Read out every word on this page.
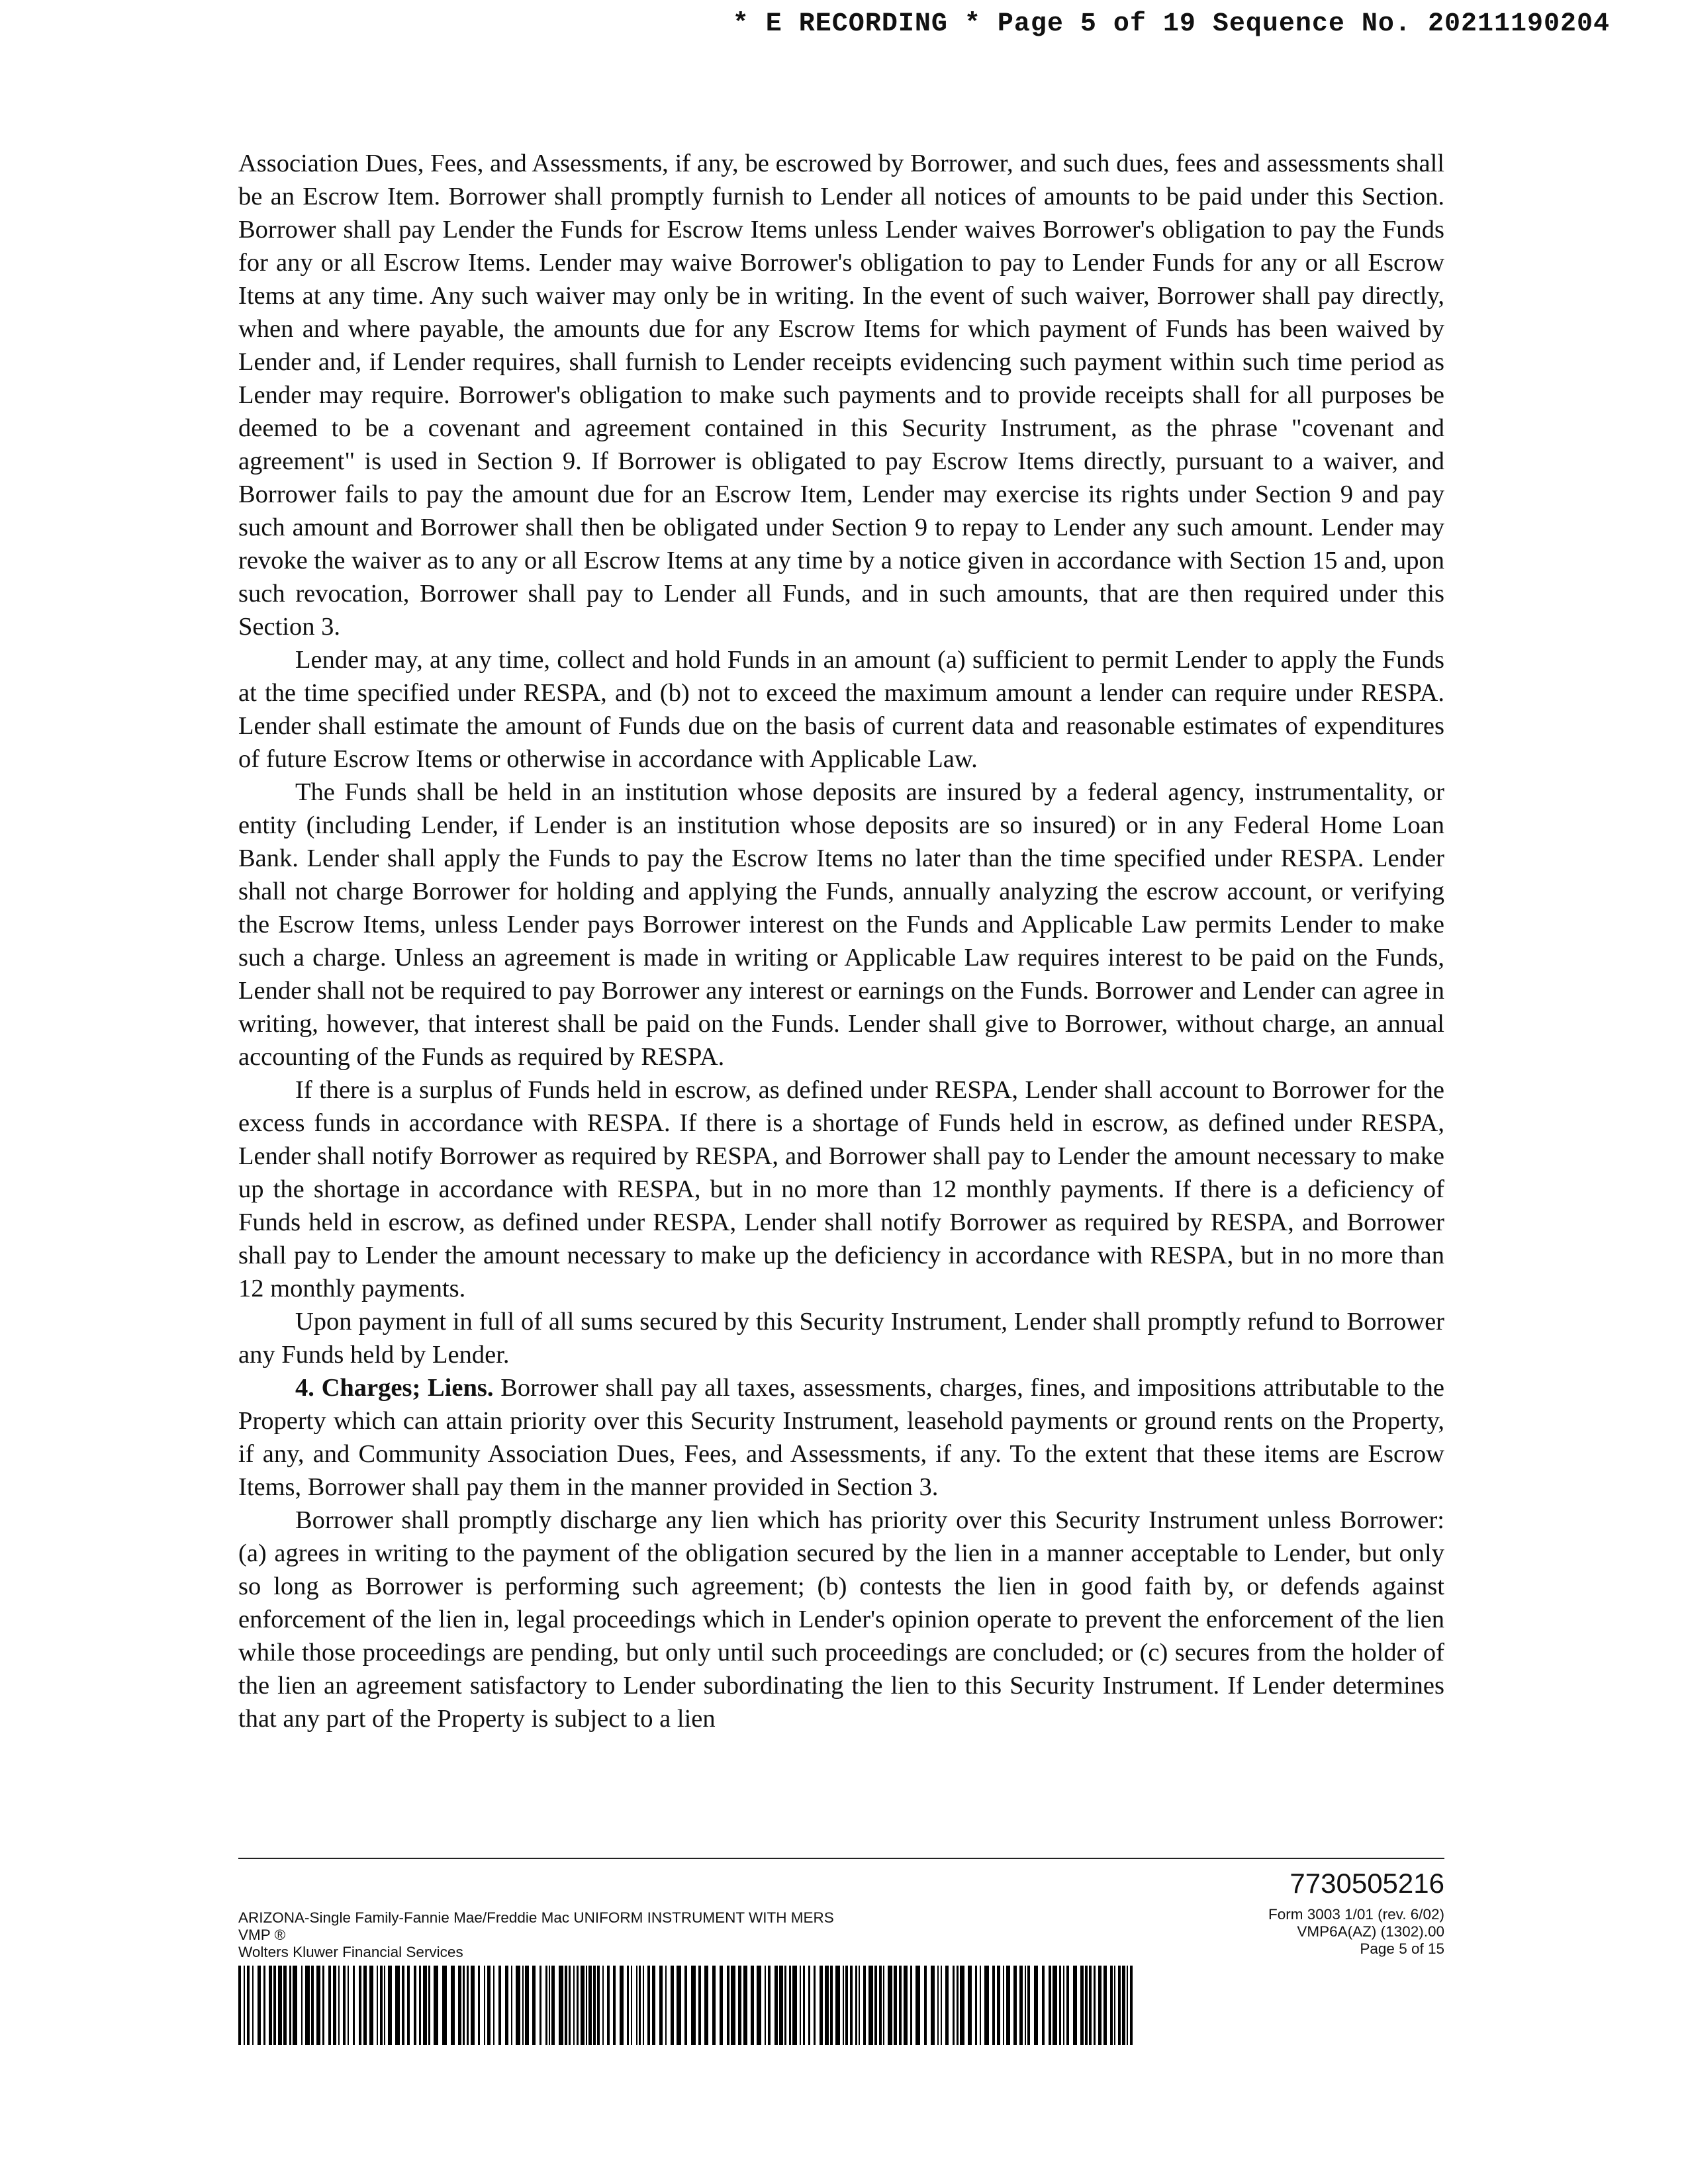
* E RECORDING * Page 5 of 19 Sequence No. 20211190204

Association Dues, Fees, and Assessments, if any, be escrowed by Borrower, and such dues, fees and assessments shall be an Escrow Item. Borrower shall promptly furnish to Lender all notices of amounts to be paid under this Section. Borrower shall pay Lender the Funds for Escrow Items unless Lender waives Borrower's obligation to pay the Funds for any or all Escrow Items. Lender may waive Borrower's obligation to pay to Lender Funds for any or all Escrow Items at any time. Any such waiver may only be in writing. In the event of such waiver, Borrower shall pay directly, when and where payable, the amounts due for any Escrow Items for which payment of Funds has been waived by Lender and, if Lender requires, shall furnish to Lender receipts evidencing such payment within such time period as Lender may require. Borrower's obligation to make such payments and to provide receipts shall for all purposes be deemed to be a covenant and agreement contained in this Security Instrument, as the phrase "covenant and agreement" is used in Section 9. If Borrower is obligated to pay Escrow Items directly, pursuant to a waiver, and Borrower fails to pay the amount due for an Escrow Item, Lender may exercise its rights under Section 9 and pay such amount and Borrower shall then be obligated under Section 9 to repay to Lender any such amount. Lender may revoke the waiver as to any or all Escrow Items at any time by a notice given in accordance with Section 15 and, upon such revocation, Borrower shall pay to Lender all Funds, and in such amounts, that are then required under this Section 3.

Lender may, at any time, collect and hold Funds in an amount (a) sufficient to permit Lender to apply the Funds at the time specified under RESPA, and (b) not to exceed the maximum amount a lender can require under RESPA. Lender shall estimate the amount of Funds due on the basis of current data and reasonable estimates of expenditures of future Escrow Items or otherwise in accordance with Applicable Law.

The Funds shall be held in an institution whose deposits are insured by a federal agency, instrumentality, or entity (including Lender, if Lender is an institution whose deposits are so insured) or in any Federal Home Loan Bank. Lender shall apply the Funds to pay the Escrow Items no later than the time specified under RESPA. Lender shall not charge Borrower for holding and applying the Funds, annually analyzing the escrow account, or verifying the Escrow Items, unless Lender pays Borrower interest on the Funds and Applicable Law permits Lender to make such a charge. Unless an agreement is made in writing or Applicable Law requires interest to be paid on the Funds, Lender shall not be required to pay Borrower any interest or earnings on the Funds. Borrower and Lender can agree in writing, however, that interest shall be paid on the Funds. Lender shall give to Borrower, without charge, an annual accounting of the Funds as required by RESPA.

If there is a surplus of Funds held in escrow, as defined under RESPA, Lender shall account to Borrower for the excess funds in accordance with RESPA. If there is a shortage of Funds held in escrow, as defined under RESPA, Lender shall notify Borrower as required by RESPA, and Borrower shall pay to Lender the amount necessary to make up the shortage in accordance with RESPA, but in no more than 12 monthly payments. If there is a deficiency of Funds held in escrow, as defined under RESPA, Lender shall notify Borrower as required by RESPA, and Borrower shall pay to Lender the amount necessary to make up the deficiency in accordance with RESPA, but in no more than 12 monthly payments.

Upon payment in full of all sums secured by this Security Instrument, Lender shall promptly refund to Borrower any Funds held by Lender.

4. Charges; Liens. Borrower shall pay all taxes, assessments, charges, fines, and impositions attributable to the Property which can attain priority over this Security Instrument, leasehold payments or ground rents on the Property, if any, and Community Association Dues, Fees, and Assessments, if any. To the extent that these items are Escrow Items, Borrower shall pay them in the manner provided in Section 3.

Borrower shall promptly discharge any lien which has priority over this Security Instrument unless Borrower: (a) agrees in writing to the payment of the obligation secured by the lien in a manner acceptable to Lender, but only so long as Borrower is performing such agreement; (b) contests the lien in good faith by, or defends against enforcement of the lien in, legal proceedings which in Lender's opinion operate to prevent the enforcement of the lien while those proceedings are pending, but only until such proceedings are concluded; or (c) secures from the holder of the lien an agreement satisfactory to Lender subordinating the lien to this Security Instrument. If Lender determines that any part of the Property is subject to a lien

7730505216
ARIZONA-Single Family-Fannie Mae/Freddie Mac UNIFORM INSTRUMENT WITH MERS
VMP ®
Wolters Kluwer Financial Services
Form 3003 1/01 (rev. 6/02)
VMP6A(AZ) (1302).00
Page 5 of 15
